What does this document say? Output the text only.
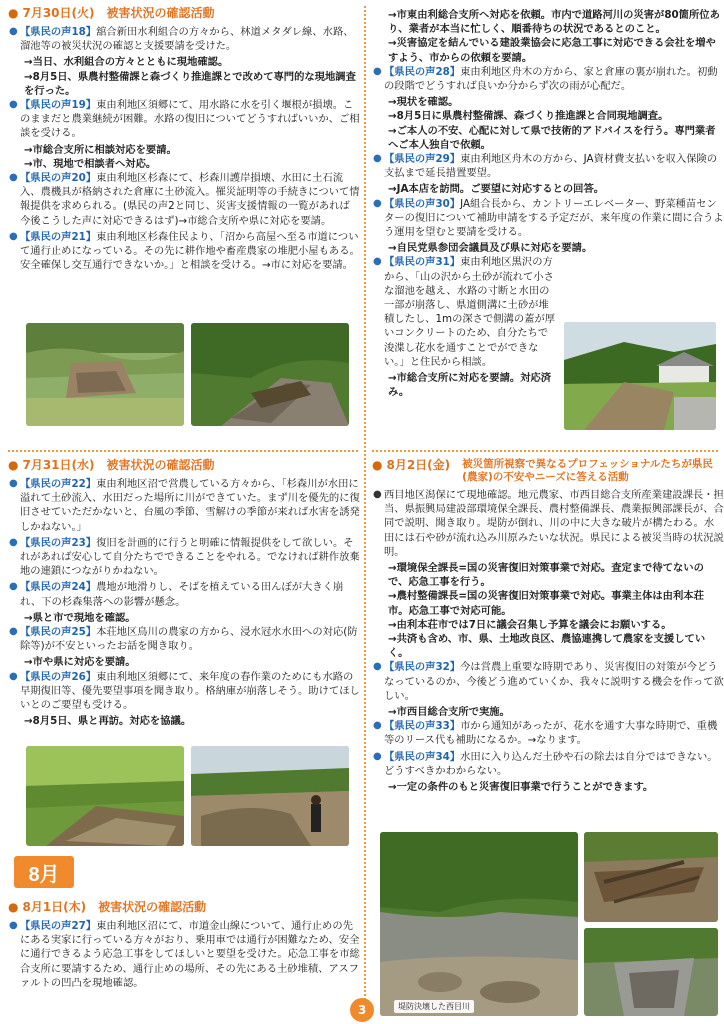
● 7月30日(火) 被害状況の確認活動
● 【県民の声18】舘合新田水利組合の方々から、林道メタダレ線、水路、溜池等の被災状況の確認と支援要請を受けた。
→当日、水利組合の方々とともに現地確認。
→8月5日、県農村整備課と森づくり推進課とで改めて専門的な現地調査を行った。
● 【県民の声19】東由利地区須郷にて、用水路に水を引く堰根が損壊。このままだと農業継続が困難。水路の復旧についてどうすればいいか、ご相談を受ける。
→市総合支所に相談対応を要請。
→市、現地で相談者へ対応。
● 【県民の声20】東由利地区杉森にて、杉森川護岸損壊、水田に土石流入、農機具が格納された倉庫に土砂流入。罹災証明等の手続きについて情報提供を求められる。(県民の声2と同じ、災害支援情報の一覧があれば今後こうした声に対応できるはず)→市総合支所や県に対応を要請。
● 【県民の声21】東由利地区杉森住民より、「沼から高屋へ至る市道について通行止めになっている。その先に耕作地や畜産農家の堆肥小屋もある。安全確保し交互通行できないか。」と相談を受ける。→市に対応を要請。
● 7月31日(水) 被害状況の確認活動
● 【県民の声22】東由利地区沼で営農している方々から、「杉森川が水田に溢れて土砂流入、水田だった場所に川ができていた。まず川を優先的に復旧させていただかないと、台風の季節、雪解けの季節が来れば水害を誘発しかねない。」
● 【県民の声23】復旧を計画的に行うと明確に情報提供をして欲しい。それがあれば安心して自分たちでできることをやれる。でなければ耕作放棄地の連鎖につながりかねない。
● 【県民の声24】農地が地滑りし、そばを植えている田んぼが大きく崩れ、下の杉森集落への影響が懸念。
→県と市で現地を確認。
● 【県民の声25】本荘地区鳥川の農家の方から、浸水冠水水田への対応(防除等)が不安といったお話を聞き取り。
→市や県に対応を要請。
● 【県民の声26】東由利地区須郷にて、来年度の春作業のためにも水路の早期復旧等、優先要望事項を聞き取り。格納庫が崩落しそう。助けてほしいとのご要望も受ける。
→8月5日、県と再訪。対応を協議。
8月
● 8月1日(木) 被害状況の確認活動
● 【県民の声27】東由利地区沼にて、市道金山線について、通行止めの先にある実家に行っている方々がおり、乗用車では通行が困難なため、安全に通行できるよう応急工事をしてほしいと要望を受けた。応急工事を市総合支所に要請するため、通行止めの場所、その先にある土砂堆積、アスファルトの凹凸を現地確認。
→市東由利総合支所へ対応を依頼。市内で道路河川の災害が80箇所位あり、業者が本当に忙しく、順番待ちの状況であるとのこと。
→災害協定を結んでいる建設業協会に応急工事に対応できる会社を増やすよう、市からの依頼を要請。
● 【県民の声28】東由利地区舟木の方から、家と倉庫の裏が崩れた。初動の段階でどうすれば良いか分からず次の雨が心配だ。
→現状を確認。
→8月5日に県農村整備課、森づくり推進課と合同現地調査。
→ご本人の不安、心配に対して県で技術的アドバイスを行う。専門業者へご本人独自で依頼。
● 【県民の声29】東由利地区舟木の方から、JA資材費支払いを収入保険の支払まで延長措置要望。
→JA本店を訪問。ご要望に対応するとの回答。
● 【県民の声30】JA組合長から、カントリーエレベーター、野菜種苗センターの復旧について補助申請をする予定だが、来年度の作業に間に合うよう運用を望むと要請を受ける。
→自民党県参団会議員及び県に対応を要請。
● 【県民の声31】東由利地区黒沢の方から、「山の沢から土砂が流れて小さな溜池を越え、水路の寸断と水田の一部が崩落し、県道側溝に土砂が堆積したし、1mの深さで側溝の蓋が厚いコンクリートのため、自分たちで浚渫し花水を通すことでができない。」と住民から相談。
→市総合支所に対応を要請。対応済み。
● 8月2日(金) 被災箇所視察で異なるプロフェッショナルたちが県民(農家)の不安やニーズに答える活動
● 西目地区潟保にて現地確認。地元農家、市西目総合支所産業建設課長・担当、県振興局建設部環境保全課長、農村整備課長、農業振興部課長が、合同で説明、聞き取り。堤防が倒れ、川の中に大きな破片が構たわる。水田には石や砂が流れ込み川原みたいな状況。県民による被災当時の状況説明。
→環境保全課長=国の災害復旧対策事業で対応。査定まで待てないので、応急工事を行う。
→農村整備課長=国の災害復旧対策事業で対応。事業主体は由利本荘市。応急工事で対応可能。
→由利本荘市では7日に議会召集し予算を議会にお願いする。
→共済も含め、市、県、土地改良区、農協連携して農家を支援していく。
● 【県民の声32】今は営農上重要な時期であり、災害復旧の対策が今どうなっているのか、今後どう進めていくか、我々に説明する機会を作って欲しい。
→市西目総合支所で実施。
● 【県民の声33】市から通知があったが、花水を通す大事な時期で、重機等のリース代も補助になるか。→なります。
● 【県民の声34】水田に入り込んだ土砂や石の除去は自分ではできない。どうすべきかわからない。
→一定の条件のもと災害復旧事業で行うことができます。
堤防決壊した西目川
3
